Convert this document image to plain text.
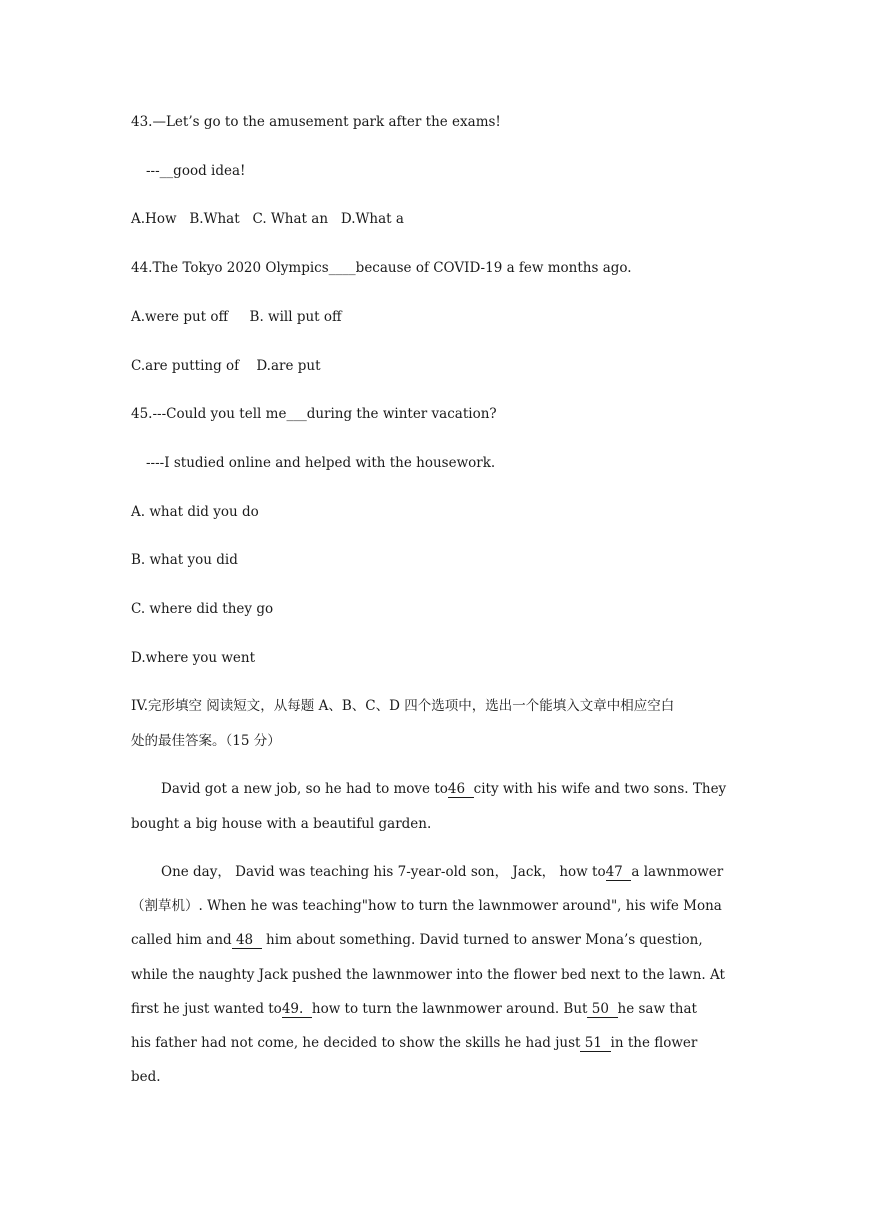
43.—Let’s go to the amusement park after the exams!
---__good idea!
A.How   B.What   C. What an   D.What a
44.The Tokyo 2020 Olympics____because of COVID-19 a few months ago.
A.were put off     B. will put off
C.are putting of    D.are put
45.---Could you tell me___during the winter vacation?
----I studied online and helped with the housework.
A. what did you do
B. what you did
C. where did they go
D.where you went
IV.完形填空 阅读短文，从每题 A、B、C、D 四个选项中，选出一个能填入文章中相应空白
处的最佳答案。（15 分）
David got a new job, so he had to move to46  city with his wife and two sons. They
bought a big house with a beautiful garden.
One day， David was teaching his 7-year-old son， Jack， how to47  a lawnmower
（割草机）. When he was teaching"how to turn the lawnmower around", his wife Mona
called him and 48   him about something. David turned to answer Mona’s question,
while the naughty Jack pushed the lawnmower into the flower bed next to the lawn. At
first he just wanted to49.  how to turn the lawnmower around. But 50  he saw that
his father had not come, he decided to show the skills he had just 51  in the flower
bed.
